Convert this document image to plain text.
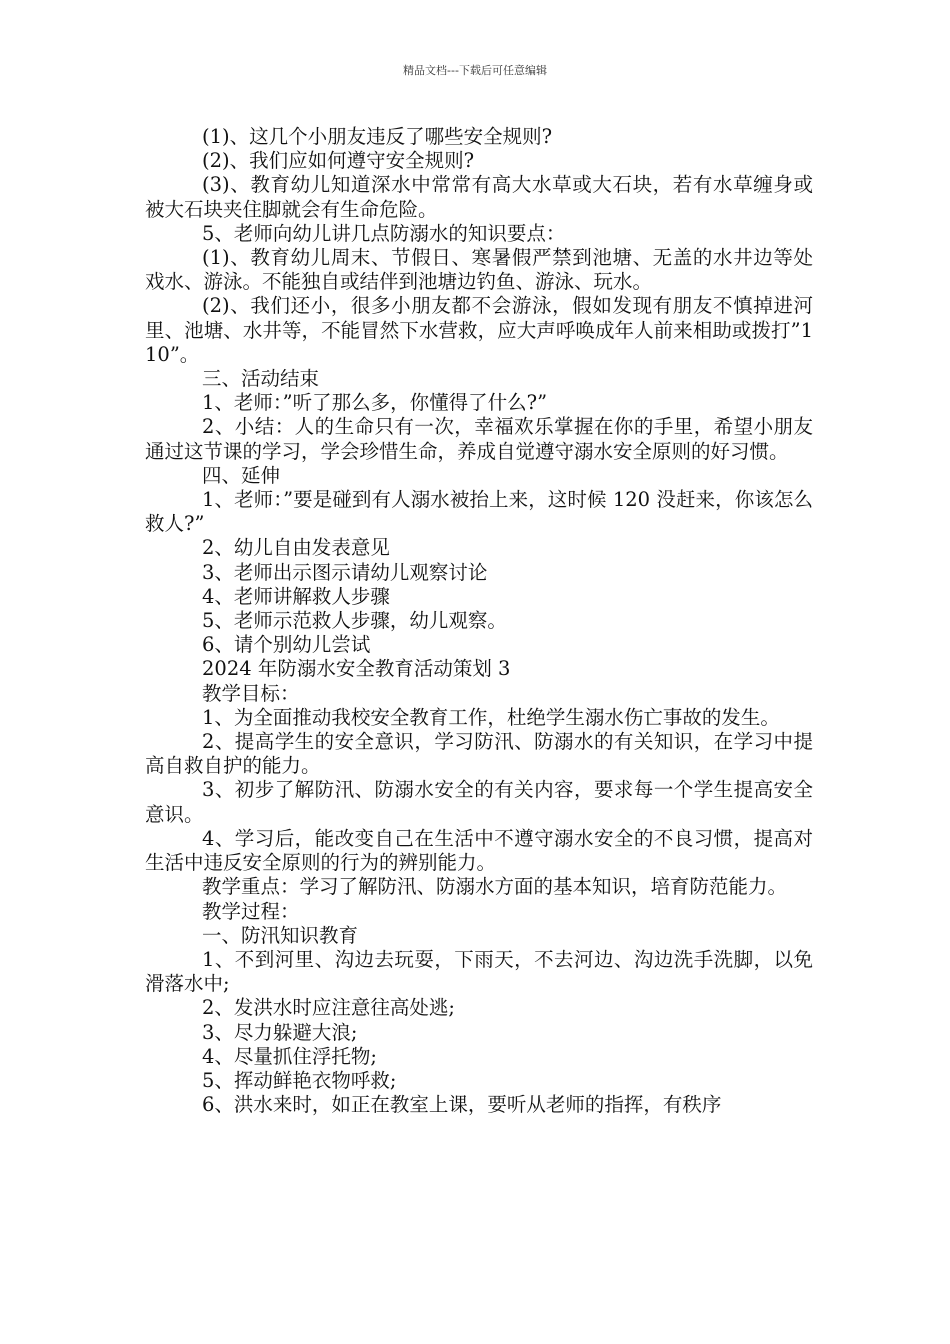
精品文档---下载后可任意编辑

(1)、这几个小朋友违反了哪些安全规则?

(2)、我们应如何遵守安全规则?

(3)、教育幼儿知道深水中常常有高大水草或大石块，若有水草缠身或被大石块夹住脚就会有生命危险。

5、老师向幼儿讲几点防溺水的知识要点：

(1)、教育幼儿周末、节假日、寒暑假严禁到池塘、无盖的水井边等处戏水、游泳。不能独自或结伴到池塘边钓鱼、游泳、玩水。

(2)、我们还小，很多小朋友都不会游泳，假如发现有朋友不慎掉进河里、池塘、水井等，不能冒然下水营救，应大声呼唤成年人前来相助或拨打”110”。

三、活动结束

1、老师：”听了那么多，你懂得了什么?”

2、小结：人的生命只有一次，幸福欢乐掌握在你的手里，希望小朋友通过这节课的学习，学会珍惜生命，养成自觉遵守溺水安全原则的好习惯。

四、延伸

1、老师：”要是碰到有人溺水被抬上来，这时候 120 没赶来，你该怎么救人?”

2、幼儿自由发表意见

3、老师出示图示请幼儿观察讨论

4、老师讲解救人步骤

5、老师示范救人步骤，幼儿观察。

6、请个别幼儿尝试

2024 年防溺水安全教育活动策划 3

教学目标：

1、为全面推动我校安全教育工作，杜绝学生溺水伤亡事故的发生。

2、提高学生的安全意识，学习防汛、防溺水的有关知识，在学习中提高自救自护的能力。

3、初步了解防汛、防溺水安全的有关内容，要求每一个学生提高安全意识。

4、学习后，能改变自己在生活中不遵守溺水安全的不良习惯，提高对生活中违反安全原则的行为的辨别能力。

教学重点：学习了解防汛、防溺水方面的基本知识，培育防范能力。

教学过程：

一、防汛知识教育

1、不到河里、沟边去玩耍，下雨天，不去河边、沟边洗手洗脚，以免滑落水中;

2、发洪水时应注意往高处逃;

3、尽力躲避大浪;

4、尽量抓住浮托物;

5、挥动鲜艳衣物呼救;

6、洪水来时，如正在教室上课，要听从老师的指挥，有秩序
